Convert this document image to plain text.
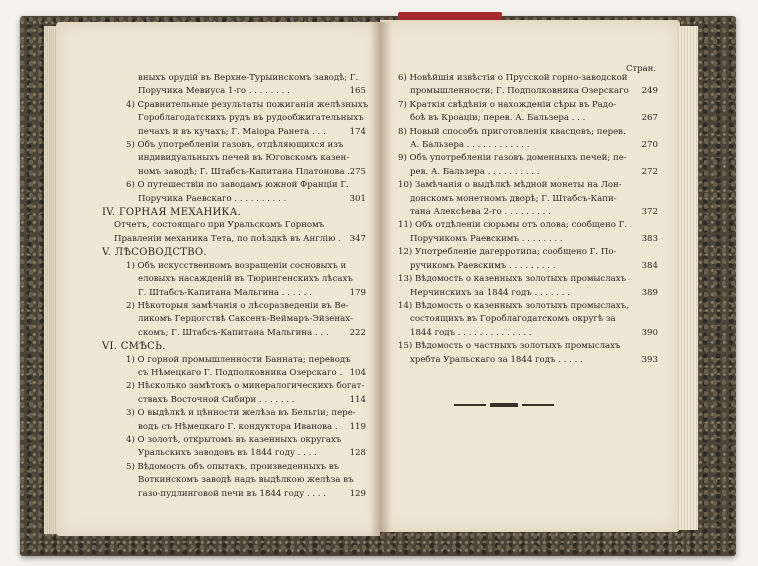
Стран.
вныхъ орудій въ Верхне-Турыинскомъ заводѣ; Г.
Поручика Мевиуса 1-го . . . . . . . .	165
4) Сравнительные результаты пожиганія желѣзныхъ
Гороблагодатскихъ рудъ въ рудообжигательныхъ
печахъ и въ кучахъ; Г. Маіора Ранета . . .	174
5) Объ употребленіи газовъ, отдѣляющихся изъ
индивидуальныхъ печей въ Юговскомъ казен-
номъ заводѣ; Г. Штабсъ-Капитана Платонова . 275
6) О путешествіи по заводамъ южной Франціи Г.
Поручика Раевскаго . . . . . . . . . .	301
IV. ГОРНАЯ МЕХАНИКА.
Отчетъ, состоящаго при Уральскомъ Горномъ
Правленіи механика Тета, по поѣздкѣ въ Англію . 347
V. ЛѢСОВОДСТВО.
1) Объ искусственномъ возращеніи сосновыхъ и
еловыхъ насажденій въ Тюрингенскихъ лѣсахъ
Г. Штабсъ-Капитана Мальгина . . . . . .	179
2) Нѣкоторыя замѣчанія о лѣсоразведеніи въ Ве-
ликомъ Герцогствѣ Саксенъ-Веймаръ-Эйзенах-
скомъ; Г. Штабсъ-Капитана Мальгина . . . 222
VI. СМѢСЬ.
1) О горной промышленности Банната; переводъ
съ Нѣмецкаго Г. Подполковника Озерскаго . 104
2) Нѣсколько замѣтокъ о минералогическихъ богат-
ствахъ Восточной Сибири . . . . . . .	114
3) О выдѣлкѣ и цѣнности желѣза въ Бельгіи; пере-
водъ съ Нѣмецкаго Г. кондуктора Иванова . 119
4) О золотѣ, открытомъ въ казенныхъ округахъ
Уральскихъ заводовъ въ 1844 году . . . .	128
5) Вѣдомость объ опытахъ, произведенныхъ въ
Воткинскомъ заводѣ надъ выдѣлкою желѣза въ
газо-пудлинговой печи въ 1844 году . . . .	129
6) Новѣйшія извѣстія о Прусской горно-заводской
промышленности; Г. Подполковника Озерскаго 249
7) Краткія свѣдѣнія о нахожденіи сѣры въ Радо-
боѣ въ Кроаціи; перев. А. Бальзера . . .	267
8) Новый способъ приготовленія квасцовъ; перев.
А. Бальзера . . . . . . . . . . . .	270
9) Объ употребленіи газовъ доменныхъ печей; пе-
рев. А. Бальзера . . . . . . . . . .	272
10) Замѣчанія о выдѣлкѣ мѣдной монеты на Лон-
донскомъ монетномъ дворѣ; Г. Штабсъ-Капи-
тана Алексѣева 2-го . . . . . . . . .	372
11) Объ отдѣленіи сюрьмы отъ олова; сообщено Г.
Поручикомъ Раевскимъ . . . . . . . .	383
12) Употребленіе дагерротипа; сообщено Г. По-
ручикомъ Раевскимъ . . . . . . . . .	384
13) Вѣдомость о казенныхъ золотыхъ промыслахъ
Нерчинскихъ за 1844 годъ . . . . . . .	389
14) Вѣдомость о казенныхъ золотыхъ промыслахъ,
состоящихъ въ Гороблагодатскомъ округѣ за
1844 годъ . . . . . . . . . . . . . .	390
15) Вѣдомость о частныхъ золотыхъ промыслахъ
хребта Уральскаго за 1844 годъ . . . . .	393
